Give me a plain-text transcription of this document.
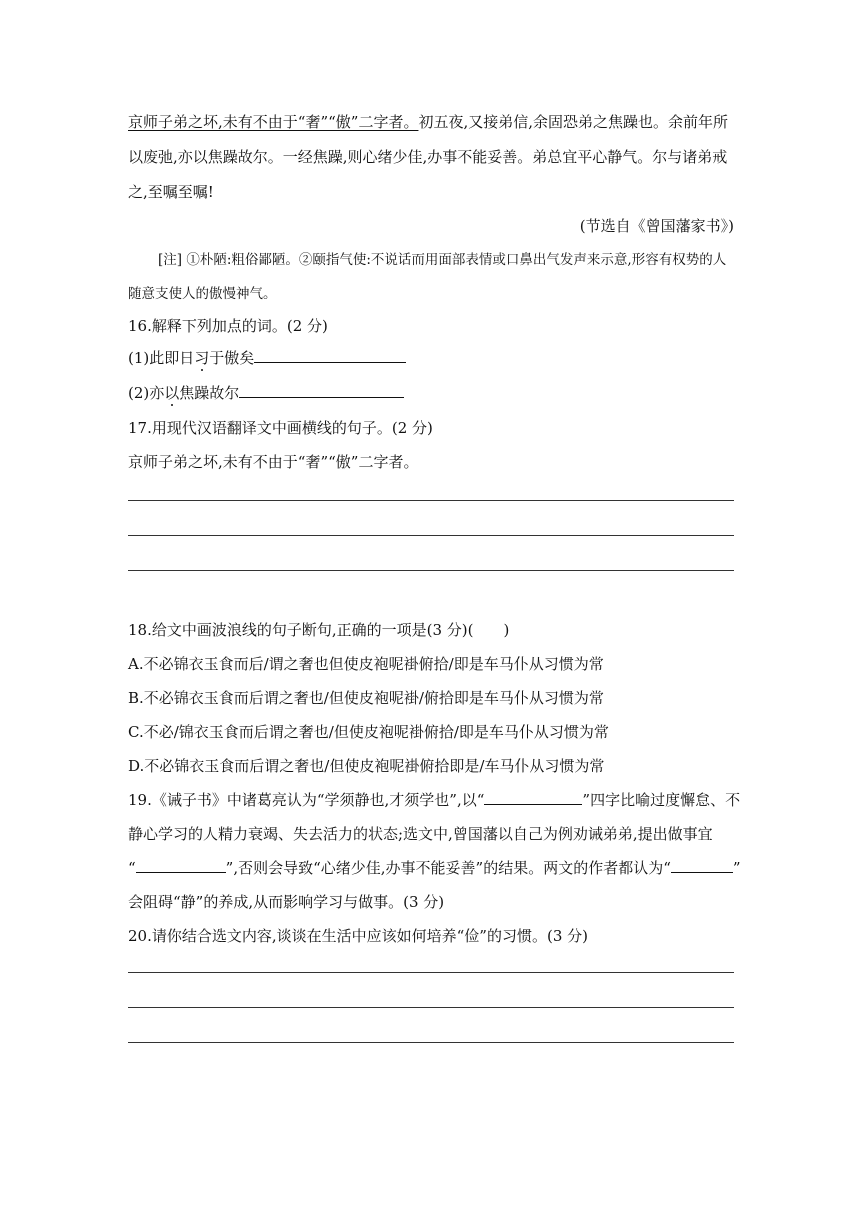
京师子弟之坏,未有不由于“奢”“傲”二字者。初五夜,又接弟信,余固恐弟之焦躁也。余前年所
以废弛,亦以焦躁故尔。一经焦躁,则心绪少佳,办事不能妥善。弟总宜平心静气。尔与诸弟戒
之,至嘱至嘱!
(节选自《曾国藩家书》)
[注] ①朴陋:粗俗鄙陋。②颐指气使:不说话而用面部表情或口鼻出气发声来示意,形容有权势的人
随意支使人的傲慢神气。
16.解释下列加点的词。(2 分)
(1)此即日习于傲矣
(2)亦以焦躁故尔
17.用现代汉语翻译文中画横线的句子。(2 分)
京师子弟之坏,未有不由于“奢”“傲”二字者。
18.给文中画波浪线的句子断句,正确的一项是(3 分)(　　)
A.不必锦衣玉食而后/谓之奢也但使皮袍呢褂俯拾/即是车马仆从习惯为常
B.不必锦衣玉食而后谓之奢也/但使皮袍呢褂/俯拾即是车马仆从习惯为常
C.不必/锦衣玉食而后谓之奢也/但使皮袍呢褂俯拾/即是车马仆从习惯为常
D.不必锦衣玉食而后谓之奢也/但使皮袍呢褂俯拾即是/车马仆从习惯为常
19.《诫子书》中诸葛亮认为“学须静也,才须学也”,以“	”四字比喻过度懈怠、不
静心学习的人精力衰竭、失去活力的状态;选文中,曾国藩以自己为例劝诫弟弟,提出做事宜
“	”,否则会导致“心绪少佳,办事不能妥善”的结果。两文的作者都认为“	”
会阻碍“静”的养成,从而影响学习与做事。(3 分)
20.请你结合选文内容,谈谈在生活中应该如何培养“俭”的习惯。(3 分)
